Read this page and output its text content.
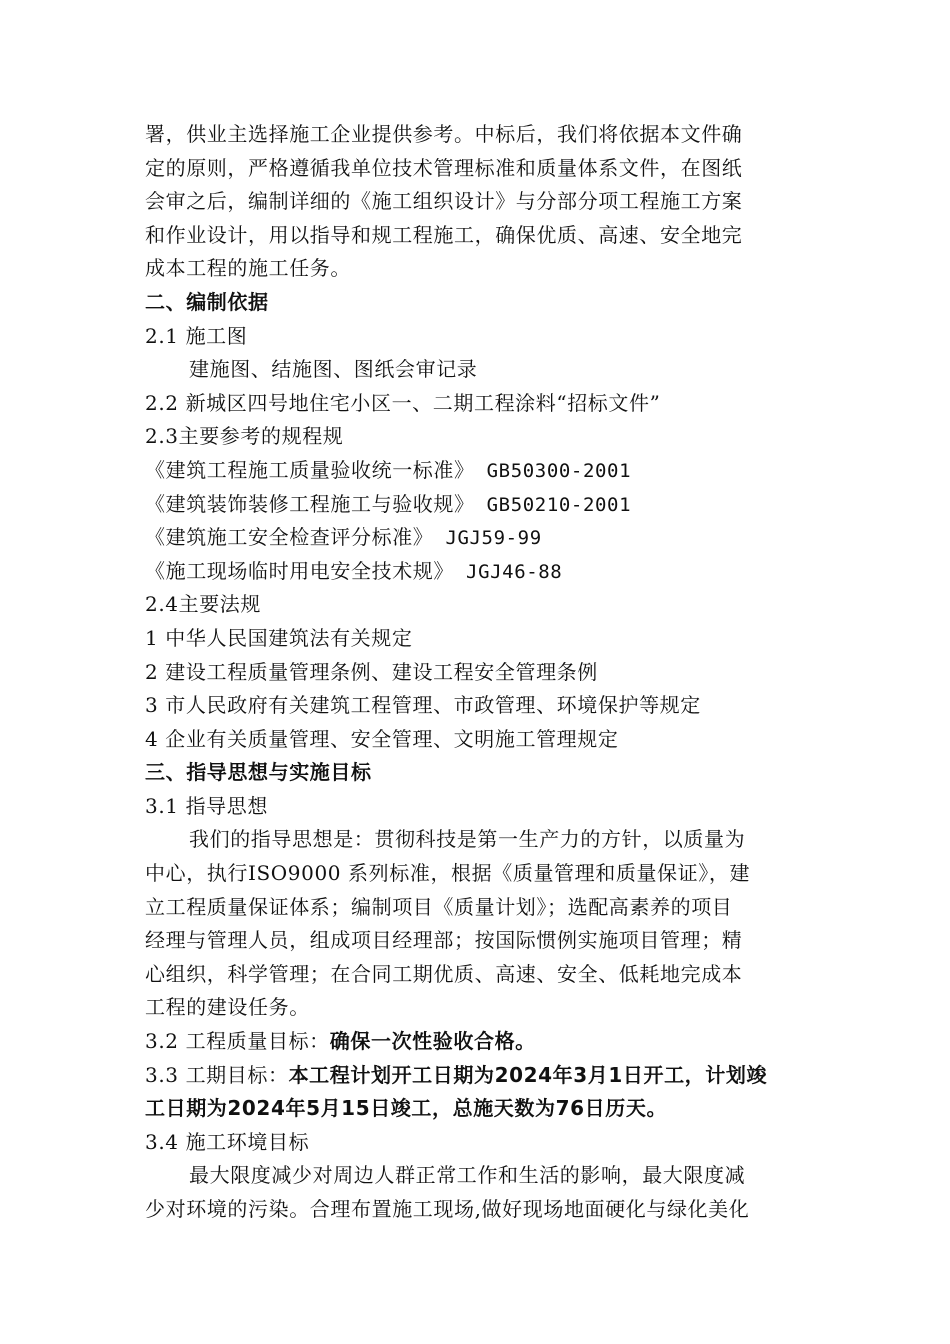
署，供业主选择施工企业提供参考。中标后，我们将依据本文件确
定的原则，严格遵循我单位技术管理标准和质量体系文件，在图纸
会审之后，编制详细的《施工组织设计》与分部分项工程施工方案
和作业设计，用以指导和规工程施工，确保优质、高速、安全地完
成本工程的施工任务。
二、编制依据
2.1 施工图
建施图、结施图、图纸会审记录
2.2 新城区四号地住宅小区一、二期工程涂料“招标文件”
2.3主要参考的规程规
《建筑工程施工质量验收统一标准》 GB50300-2001
《建筑装饰装修工程施工与验收规》 GB50210-2001
《建筑施工安全检查评分标准》 JGJ59-99
《施工现场临时用电安全技术规》 JGJ46-88
2.4主要法规
1 中华人民国建筑法有关规定
2 建设工程质量管理条例、建设工程安全管理条例
3 市人民政府有关建筑工程管理、市政管理、环境保护等规定
4 企业有关质量管理、安全管理、文明施工管理规定
三、指导思想与实施目标
3.1 指导思想
我们的指导思想是：贯彻科技是第一生产力的方针，以质量为
中心，执行ISO9000 系列标准，根据《质量管理和质量保证》，建
立工程质量保证体系；编制项目《质量计划》；选配高素养的项目
经理与管理人员，组成项目经理部；按国际惯例实施项目管理；精
心组织，科学管理；在合同工期优质、高速、安全、低耗地完成本
工程的建设任务。
3.2 工程质量目标：确保一次性验收合格。
3.3 工期目标：本工程计划开工日期为2024年3月1日开工，计划竣
工日期为2024年5月15日竣工，总施天数为76日历天。
3.4 施工环境目标
最大限度减少对周边人群正常工作和生活的影响，最大限度减
少对环境的污染。合理布置施工现场,做好现场地面硬化与绿化美化
